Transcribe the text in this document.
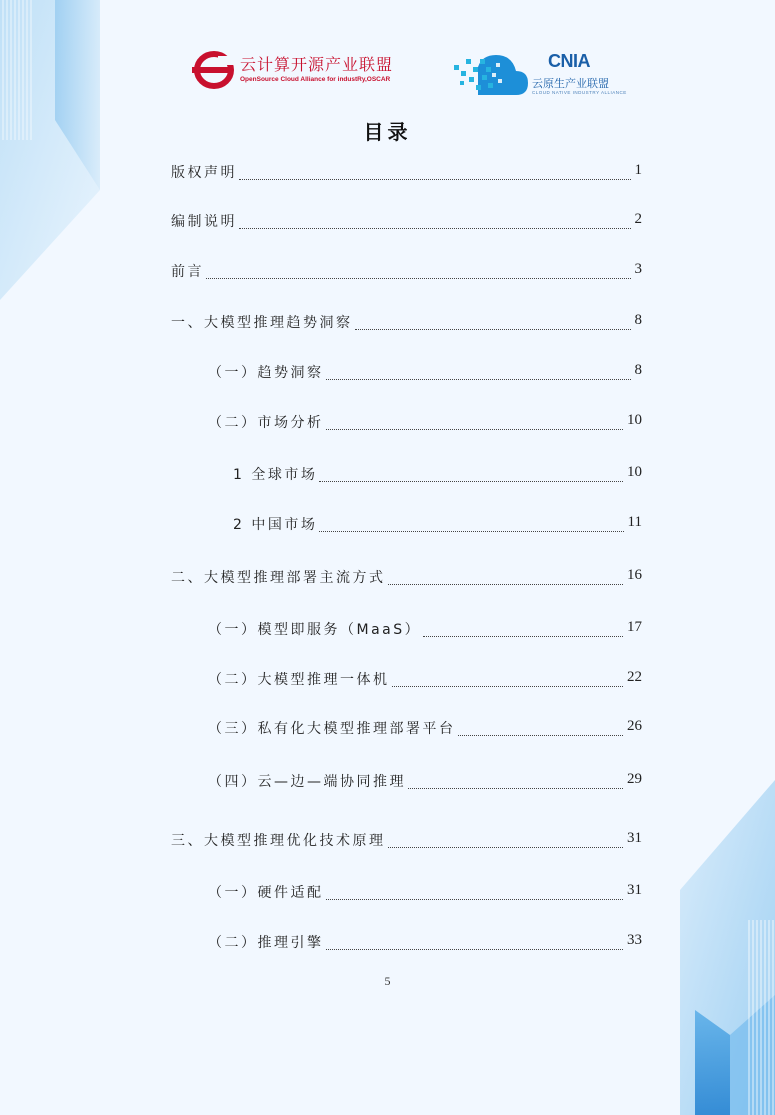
云计算开源产业联盟
OpenSource Cloud Alliance for industRy,OSCAR
CNIA
云原生产业联盟
CLOUD NATIVE INDUSTRY ALLIANCE
目录
版权声明	1
编制说明	2
前言	3
一、大模型推理趋势洞察	8
（一）趋势洞察	8
（二）市场分析	10
1 全球市场	10
2 中国市场	11
二、大模型推理部署主流方式	16
（一）模型即服务（MaaS）	17
（二）大模型推理一体机	22
（三）私有化大模型推理部署平台	26
（四）云—边—端协同推理	29
三、大模型推理优化技术原理	31
（一）硬件适配	31
（二）推理引擎	33
5
